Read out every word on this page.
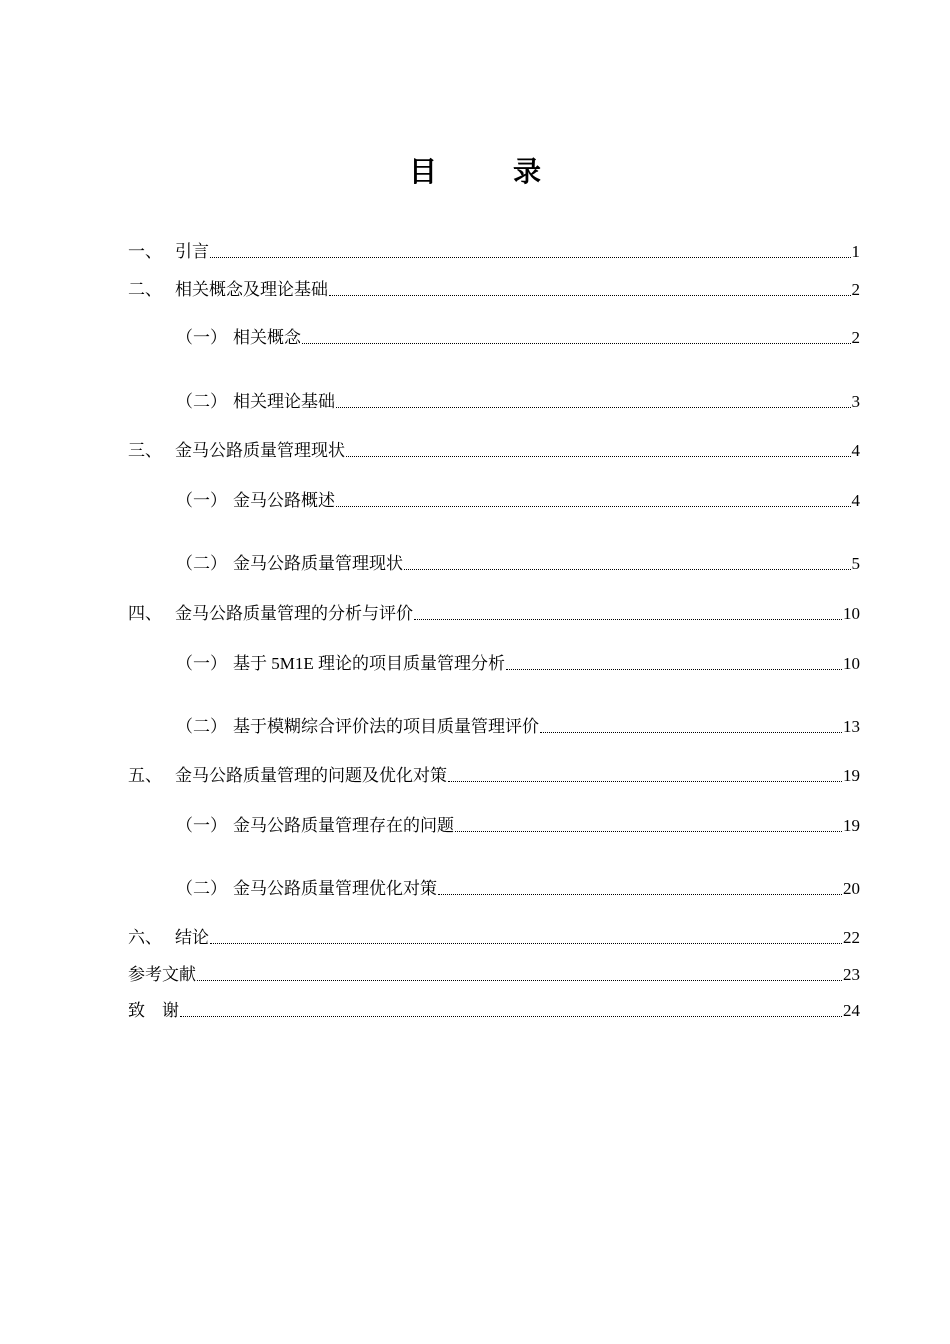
目　录
一、 引言	1
二、 相关概念及理论基础	2
（一） 相关概念	2
（二） 相关理论基础	3
三、 金马公路质量管理现状	4
（一） 金马公路概述	4
（二） 金马公路质量管理现状	5
四、 金马公路质量管理的分析与评价	10
（一） 基于 5M1E 理论的项目质量管理分析	10
（二） 基于模糊综合评价法的项目质量管理评价	13
五、 金马公路质量管理的问题及优化对策	19
（一） 金马公路质量管理存在的问题	19
（二） 金马公路质量管理优化对策	20
六、 结论	22
参考文献	23
致　谢	24
